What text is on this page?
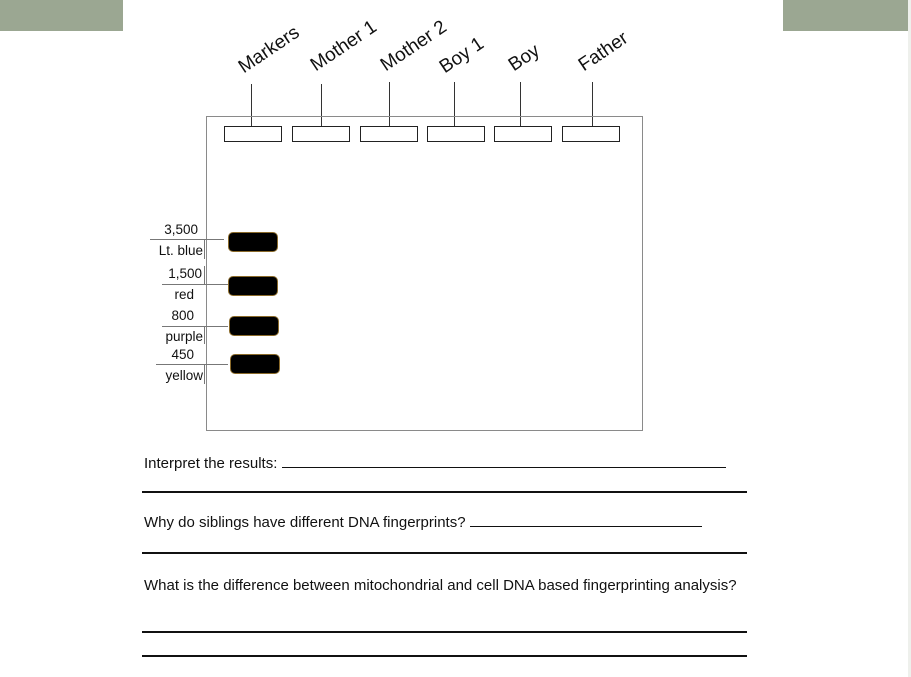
Markers Mother 1
Mother 2
Boy 1 Boy Father
3,500
Lt. blue
1,500
red
800
purple
450
yellow
Interpret the results:
Why do siblings have different DNA fingerprints?
What is the difference between mitochondrial and cell DNA based fingerprinting analysis?
